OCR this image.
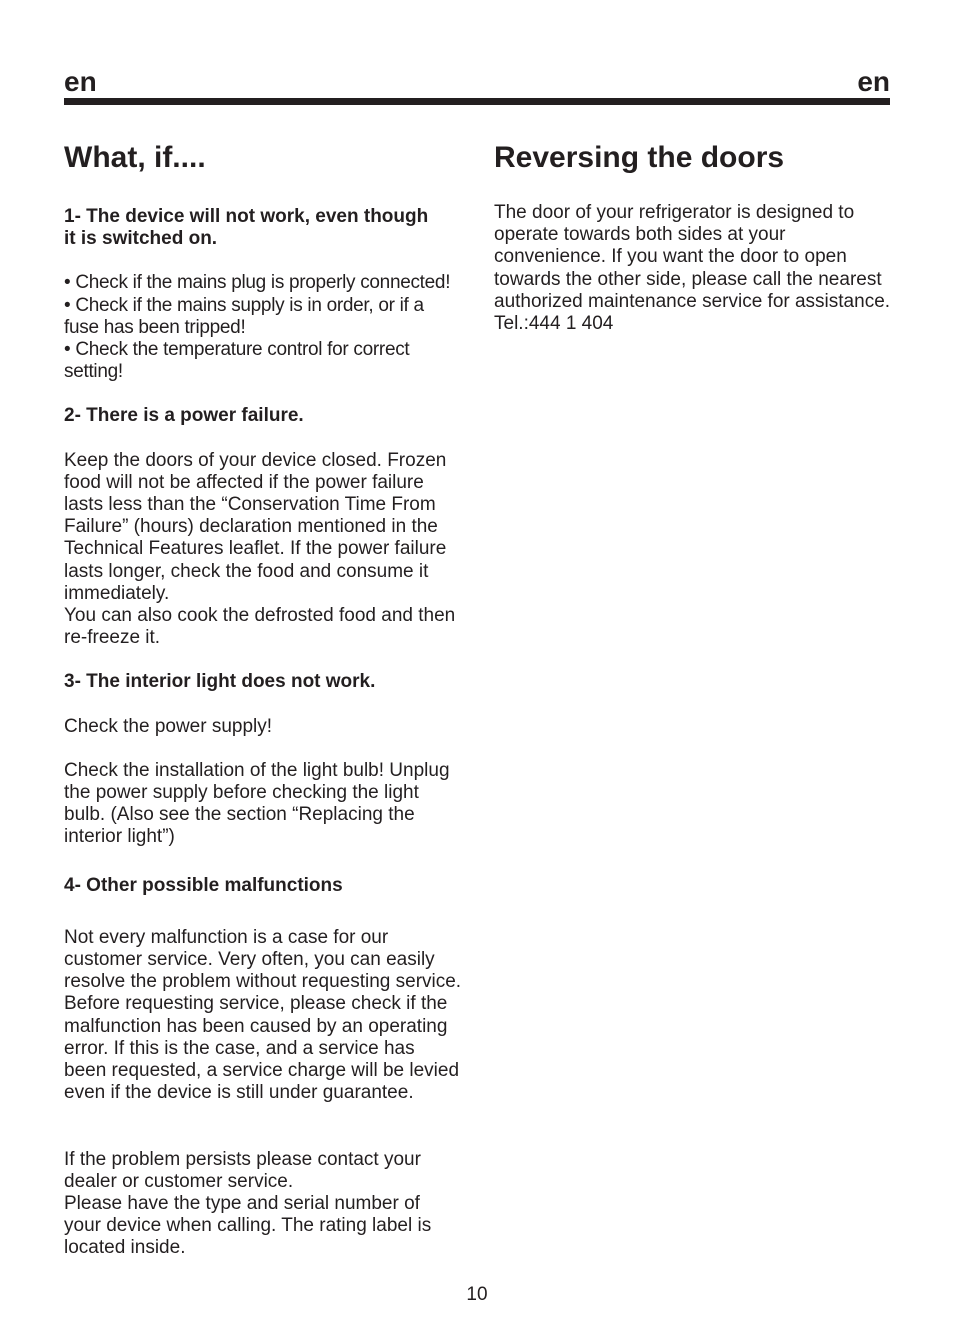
en	en
What, if....

1- The device will not work, even though
it is switched on.

• Check if the mains plug is properly connected!
• Check if the mains supply is in order, or if a
fuse has been tripped!
• Check the temperature control for correct
setting!

2- There is a power failure.

Keep the doors of your device closed. Frozen
food will not be affected if the power failure
lasts less than the “Conservation Time From
Failure” (hours) declaration mentioned in the
Technical Features leaflet. If the power failure
lasts longer, check the food and consume it
immediately.
You can also cook the defrosted food and then
re-freeze it.

3- The interior light does not work.

Check the power supply!

Check the installation of the light bulb! Unplug
the power supply before checking the light
bulb. (Also see the section “Replacing the
interior light”)

4- Other possible malfunctions

Not every malfunction is a case for our
customer service. Very often, you can easily
resolve the problem without requesting service.
Before requesting service, please check if the
malfunction has been caused by an operating
error. If this is the case, and a service has
been requested, a service charge will be levied
even if the device is still under guarantee.

If the problem persists please contact your
dealer or customer service.
Please have the type and serial number of
your device when calling. The rating label is
located inside.

Reversing the doors

The door of your refrigerator is designed to
operate towards both sides at your
convenience. If you want the door to open
towards the other side, please call the nearest
authorized maintenance service for assistance.
Tel.:444 1 404

10
